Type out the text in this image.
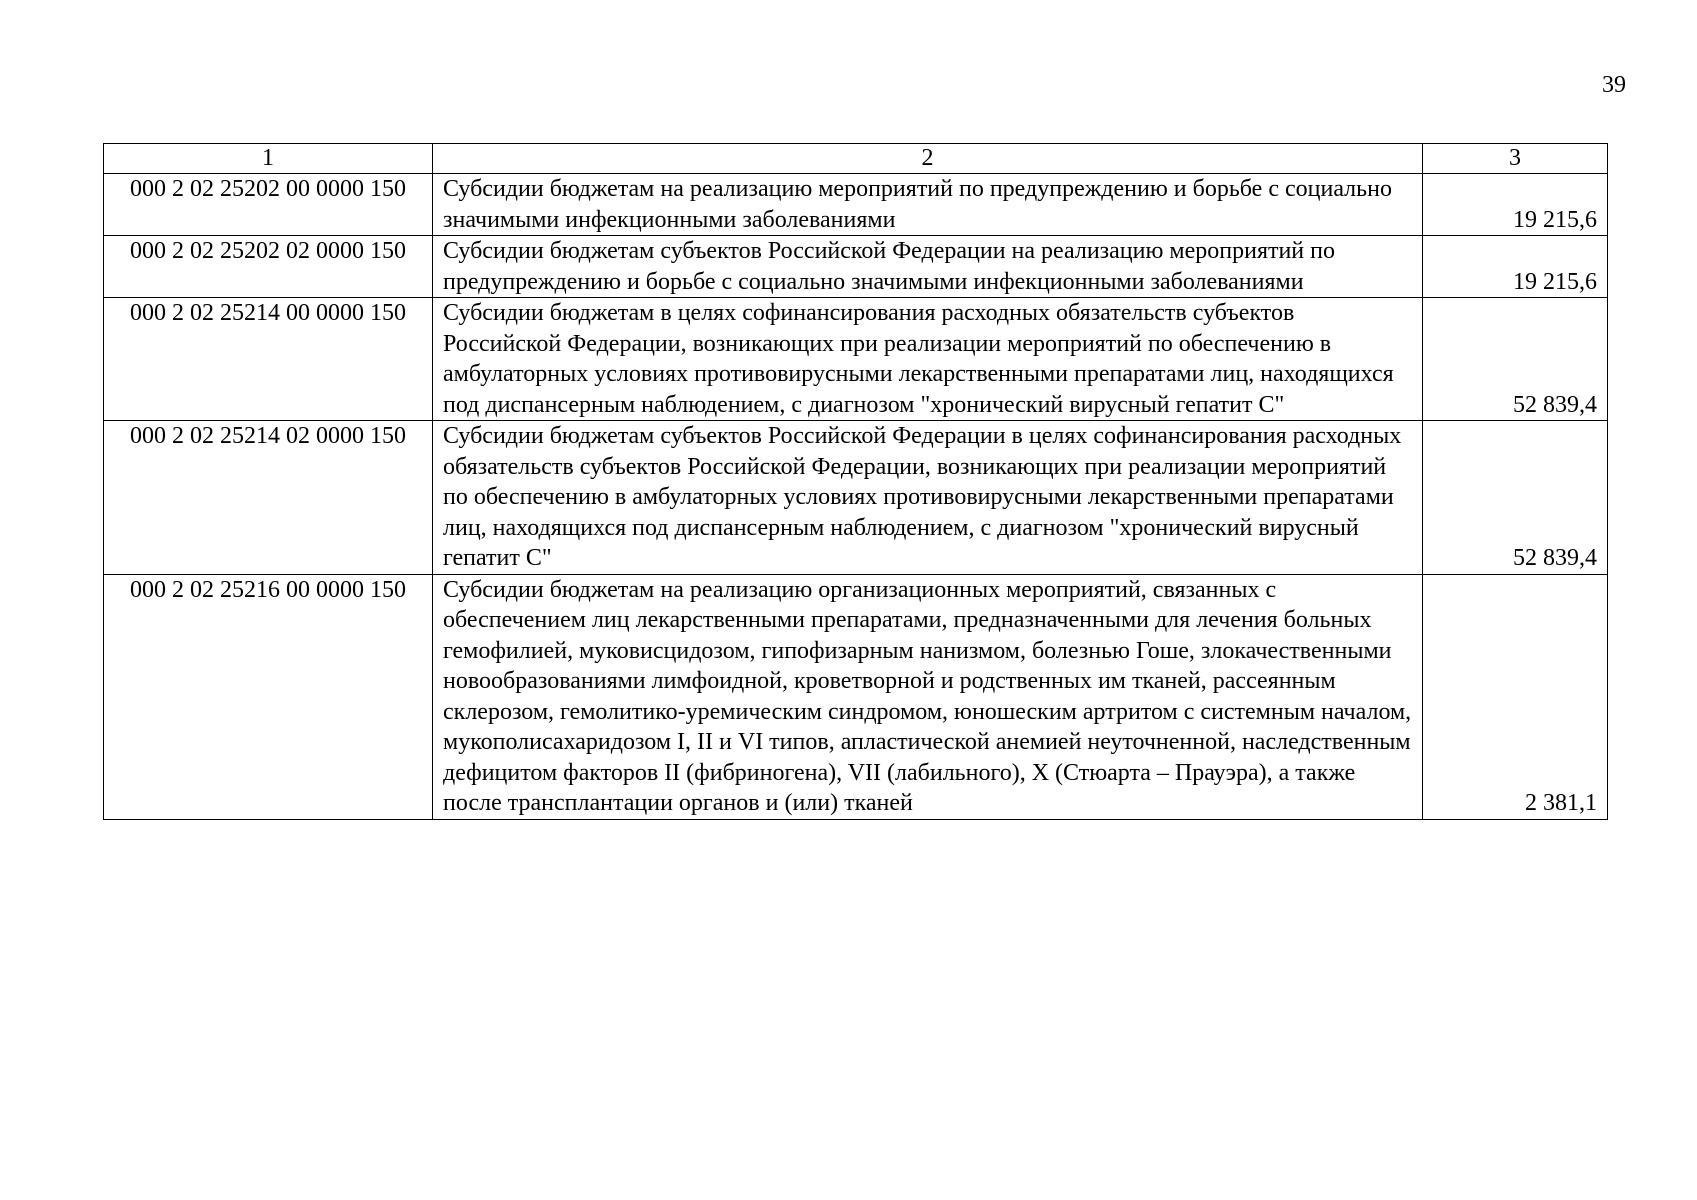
39
1	2	3
000 2 02 25202 00 0000 150	Субсидии бюджетам на реализацию мероприятий по предупреждению и борьбе с социально значимыми инфекционными заболеваниями	19 215,6
000 2 02 25202 02 0000 150	Субсидии бюджетам субъектов Российской Федерации на реализацию мероприятий по предупреждению и борьбе с социально значимыми инфекционными заболеваниями	19 215,6
000 2 02 25214 00 0000 150	Субсидии бюджетам в целях софинансирования расходных обязательств субъектов Российской Федерации, возникающих при реализации мероприятий по обеспечению в амбулаторных условиях противовирусными лекарственными препаратами лиц, находящихся под диспансерным наблюдением, с диагнозом "хронический вирусный гепатит С"	52 839,4
000 2 02 25214 02 0000 150	Субсидии бюджетам субъектов Российской Федерации в целях софинансирования расходных обязательств субъектов Российской Федерации, возникающих при реализации мероприятий по обеспечению в амбулаторных условиях противовирусными лекарственными препаратами лиц, находящихся под диспансерным наблюдением, с диагнозом "хронический вирусный гепатит С"	52 839,4
000 2 02 25216 00 0000 150	Субсидии бюджетам на реализацию организационных мероприятий, связанных с обеспечением лиц лекарственными препаратами, предназначенными для лечения больных гемофилией, муковисцидозом, гипофизарным нанизмом, болезнью Гоше, злокачественными новообразованиями лимфоидной, кроветворной и родственных им тканей, рассеянным склерозом, гемолитико-уремическим синдромом, юношеским артритом с системным началом, мукополисахаридозом I, II и VI типов, апластической анемией неуточненной, наследственным дефицитом факторов II (фибриногена), VII (лабильного), X (Стюарта – Прауэра), а также после трансплантации органов и (или) тканей	2 381,1
